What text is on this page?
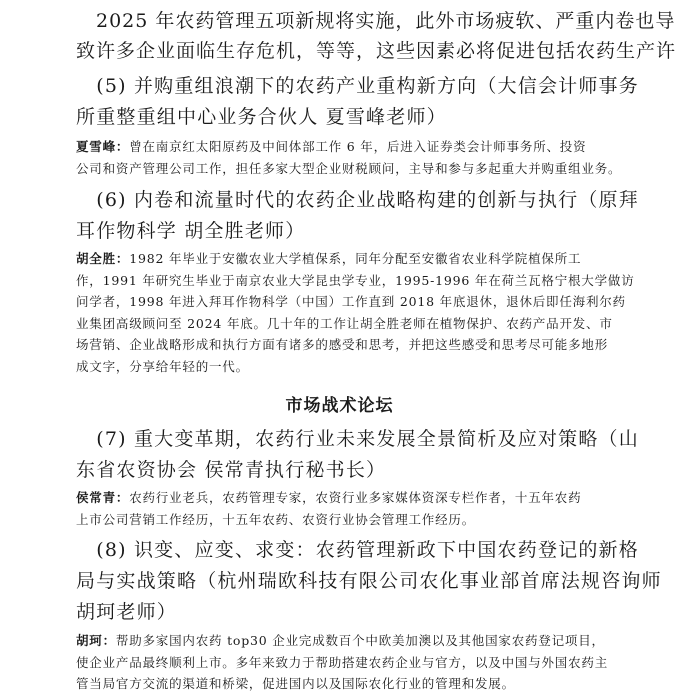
　2025 年农药管理五项新规将实施，此外市场疲软、严重内卷也导
致许多企业面临生存危机，等等，这些因素必将促进包括农药生产许
　(5) 并购重组浪潮下的农药产业重构新方向（大信会计师事务
所重整重组中心业务合伙人 夏雪峰老师）
夏雪峰：曾在南京红太阳原药及中间体部工作 6 年，后进入证券类会计师事务所、投资
公司和资产管理公司工作，担任多家大型企业财税顾问，主导和参与多起重大并购重组业务。
　(6) 内卷和流量时代的农药企业战略构建的创新与执行（原拜
耳作物科学 胡全胜老师）
胡全胜：1982 年毕业于安徽农业大学植保系，同年分配至安徽省农业科学院植保所工
作，1991 年研究生毕业于南京农业大学昆虫学专业，1995-1996 年在荷兰瓦格宁根大学做访
问学者，1998 年进入拜耳作物科学（中国）工作直到 2018 年底退休，退休后即任海利尔药
业集团高级顾问至 2024 年底。几十年的工作让胡全胜老师在植物保护、农药产品开发、市
场营销、企业战略形成和执行方面有诸多的感受和思考，并把这些感受和思考尽可能多地形
成文字，分享给年轻的一代。
市场战术论坛
　(7) 重大变革期，农药行业未来发展全景简析及应对策略（山
东省农资协会 侯常青执行秘书长）
侯常青：农药行业老兵，农药管理专家，农资行业多家媒体资深专栏作者，十五年农药
上市公司营销工作经历，十五年农药、农资行业协会管理工作经历。
　(8) 识变、应变、求变：农药管理新政下中国农药登记的新格
局与实战策略（杭州瑞欧科技有限公司农化事业部首席法规咨询师
胡珂老师）
胡珂：帮助多家国内农药 top30 企业完成数百个中欧美加澳以及其他国家农药登记项目，
使企业产品最终顺利上市。多年来致力于帮助搭建农药企业与官方，以及中国与外国农药主
管当局官方交流的渠道和桥梁，促进国内以及国际农化行业的管理和发展。
